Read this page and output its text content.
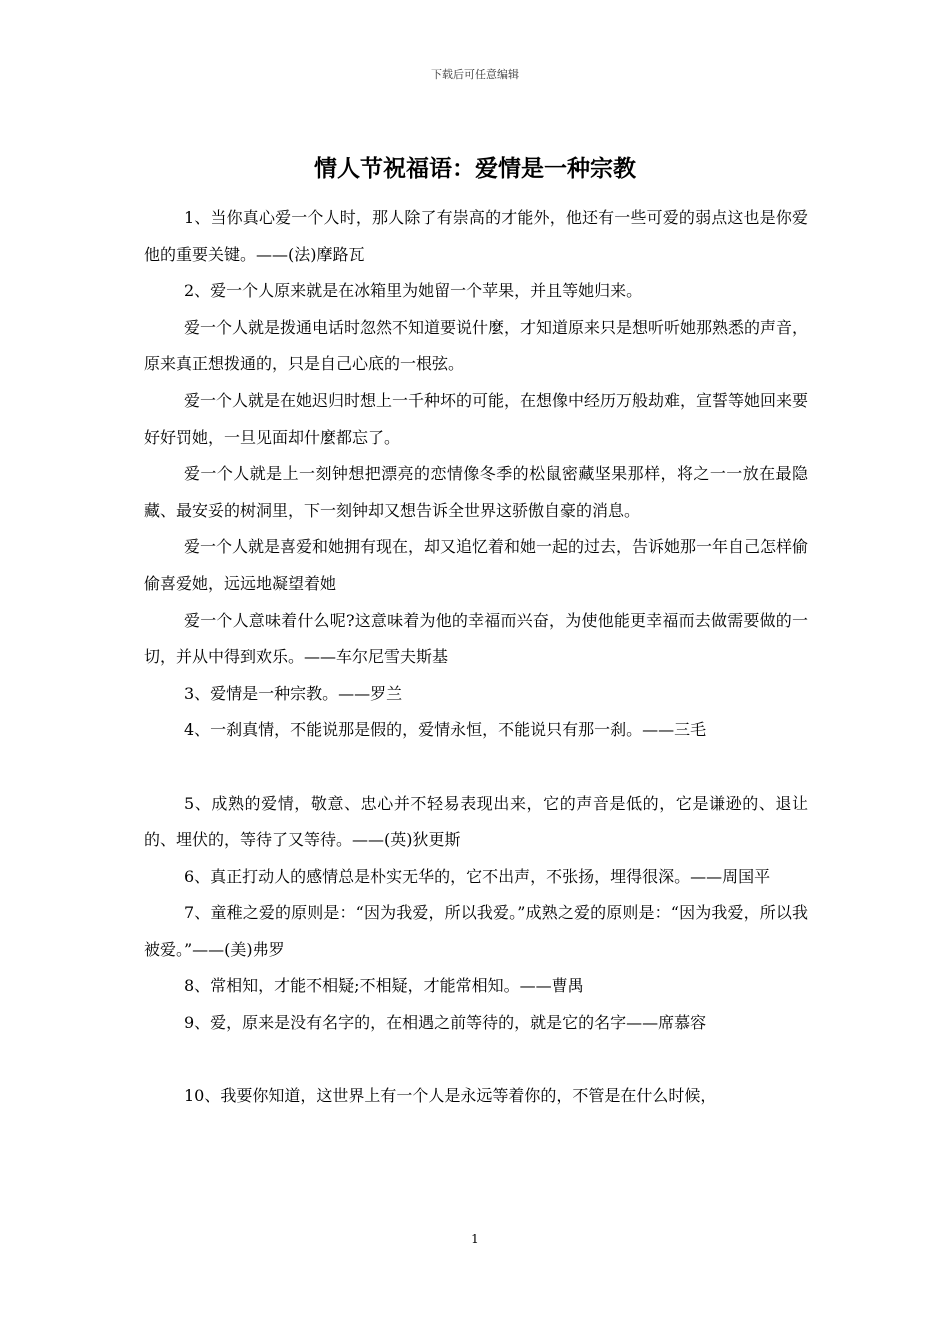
下载后可任意编辑
情人节祝福语：爱情是一种宗教

1、当你真心爱一个人时，那人除了有崇高的才能外，他还有一些可爱的弱点这也是你爱他的重要关键。——(法)摩路瓦

2、爱一个人原来就是在冰箱里为她留一个苹果，并且等她归来。

爱一个人就是拨通电话时忽然不知道要说什麼，才知道原来只是想听听她那熟悉的声音，原来真正想拨通的，只是自己心底的一根弦。

爱一个人就是在她迟归时想上一千种坏的可能，在想像中经历万般劫难，宣誓等她回来要好好罚她，一旦见面却什麼都忘了。

爱一个人就是上一刻钟想把漂亮的恋情像冬季的松鼠密藏坚果那样，将之一一放在最隐藏、最安妥的树洞里，下一刻钟却又想告诉全世界这骄傲自豪的消息。

爱一个人就是喜爱和她拥有现在，却又追忆着和她一起的过去，告诉她那一年自己怎样偷偷喜爱她，远远地凝望着她

爱一个人意味着什么呢?这意味着为他的幸福而兴奋，为使他能更幸福而去做需要做的一切，并从中得到欢乐。——车尔尼雪夫斯基

3、爱情是一种宗教。——罗兰

4、一刹真情，不能说那是假的，爱情永恒，不能说只有那一刹。——三毛

5、成熟的爱情，敬意、忠心并不轻易表现出来，它的声音是低的，它是谦逊的、退让的、埋伏的，等待了又等待。——(英)狄更斯

6、真正打动人的感情总是朴实无华的，它不出声，不张扬，埋得很深。——周国平

7、童稚之爱的原则是：“因为我爱，所以我爱。”成熟之爱的原则是：“因为我爱，所以我被爱。”——(美)弗罗

8、常相知，才能不相疑;不相疑，才能常相知。——曹禺

9、爱，原来是没有名字的，在相遇之前等待的，就是它的名字——席慕容

10、我要你知道，这世界上有一个人是永远等着你的，不管是在什么时候，

1
